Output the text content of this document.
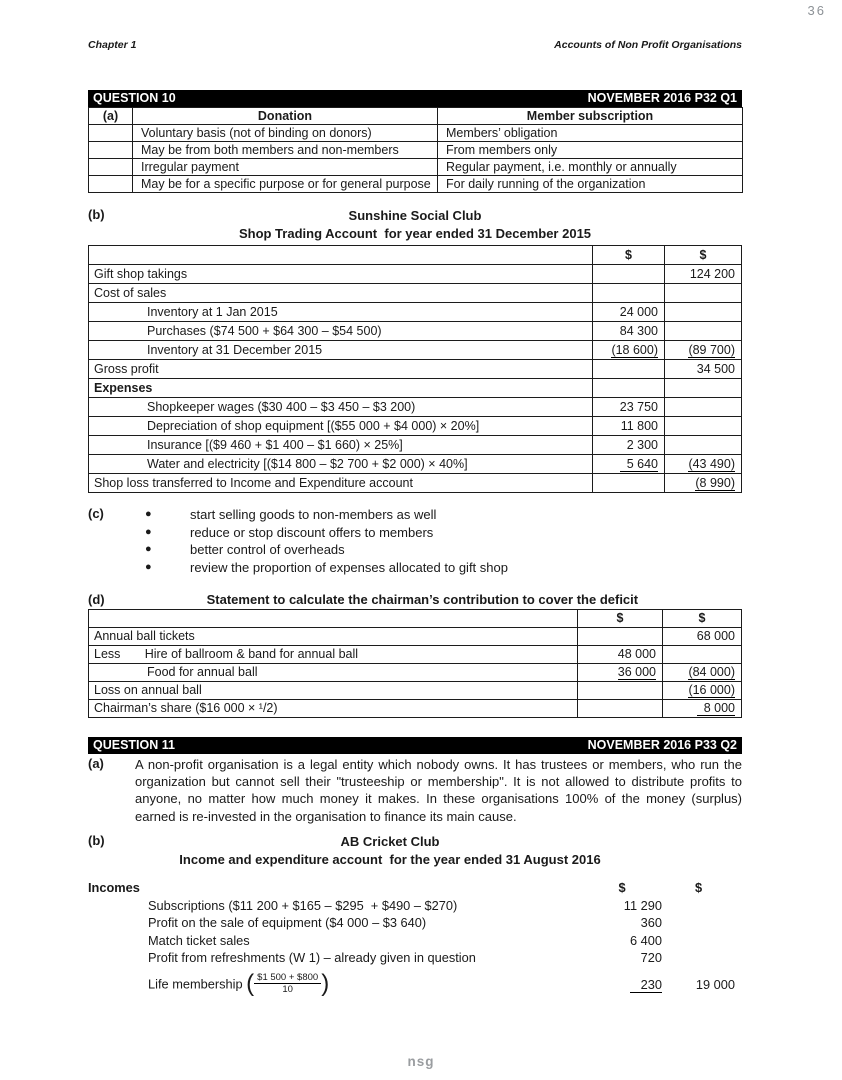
36
Chapter 1	Accounts of Non Profit Organisations
QUESTION 10	NOVEMBER 2016 P32 Q1
(a)	Donation	Member subscription
	Voluntary basis (not of binding on donors)	Members’ obligation
	May be from both members and non-members	From members only
	Irregular payment	Regular payment, i.e. monthly or annually
	May be for a specific purpose or for general purpose	For daily running of the organization
(b)	Sunshine Social Club
Shop Trading Account  for year ended 31 December 2015
	$	$
Gift shop takings		124 200
Cost of sales		
Inventory at 1 Jan 2015	24 000	
Purchases ($74 500 + $64 300 – $54 500)	84 300	
Inventory at 31 December 2015	(18 600)	(89 700)
Gross profit		34 500
Expenses		
Shopkeeper wages ($30 400 – $3 450 – $3 200)	23 750	
Depreciation of shop equipment [($55 000 + $4 000) × 20%]	11 800	
Insurance [($9 460 + $1 400 – $1 660) × 25%]	2 300	
Water and electricity [($14 800 – $2 700 + $2 000) × 40%]	5 640	(43 490)
Shop loss transferred to Income and Expenditure account		(8 990)
(c)	●	start selling goods to non-members as well
●	reduce or stop discount offers to members
●	better control of overheads
●	review the proportion of expenses allocated to gift shop
(d)	Statement to calculate the chairman’s contribution to cover the deficit
	$	$
Annual ball tickets		68 000
Less       Hire of ballroom & band for annual ball	48 000	
Food for annual ball	36 000	(84 000)
Loss on annual ball		(16 000)
Chairman’s share ($16 000 × ¹/2)		8 000
QUESTION 11	NOVEMBER 2016 P33 Q2
(a) A non-profit organisation is a legal entity which nobody owns. It has trustees or members, who run the organization but cannot sell their "trusteeship or membership". It is not allowed to distribute profits to anyone, no matter how much money it makes. In these organisations 100% of the money (surplus) earned is re-invested in the organisation to finance its main cause.

(b)	AB Cricket Club
Income and expenditure account  for the year ended 31 August 2016
Incomes	$	$
Subscriptions ($11 200 + $165 – $295  + $490 – $270)	11 290

Profit on the sale of equipment ($4 000 – $3 640)	360

Match ticket sales	6 400

Profit from refreshments (W 1) – already given in question	720

Life membership ( $\frac{\$1 500 + \$800}{10}$ )	230	19 000
nsg
